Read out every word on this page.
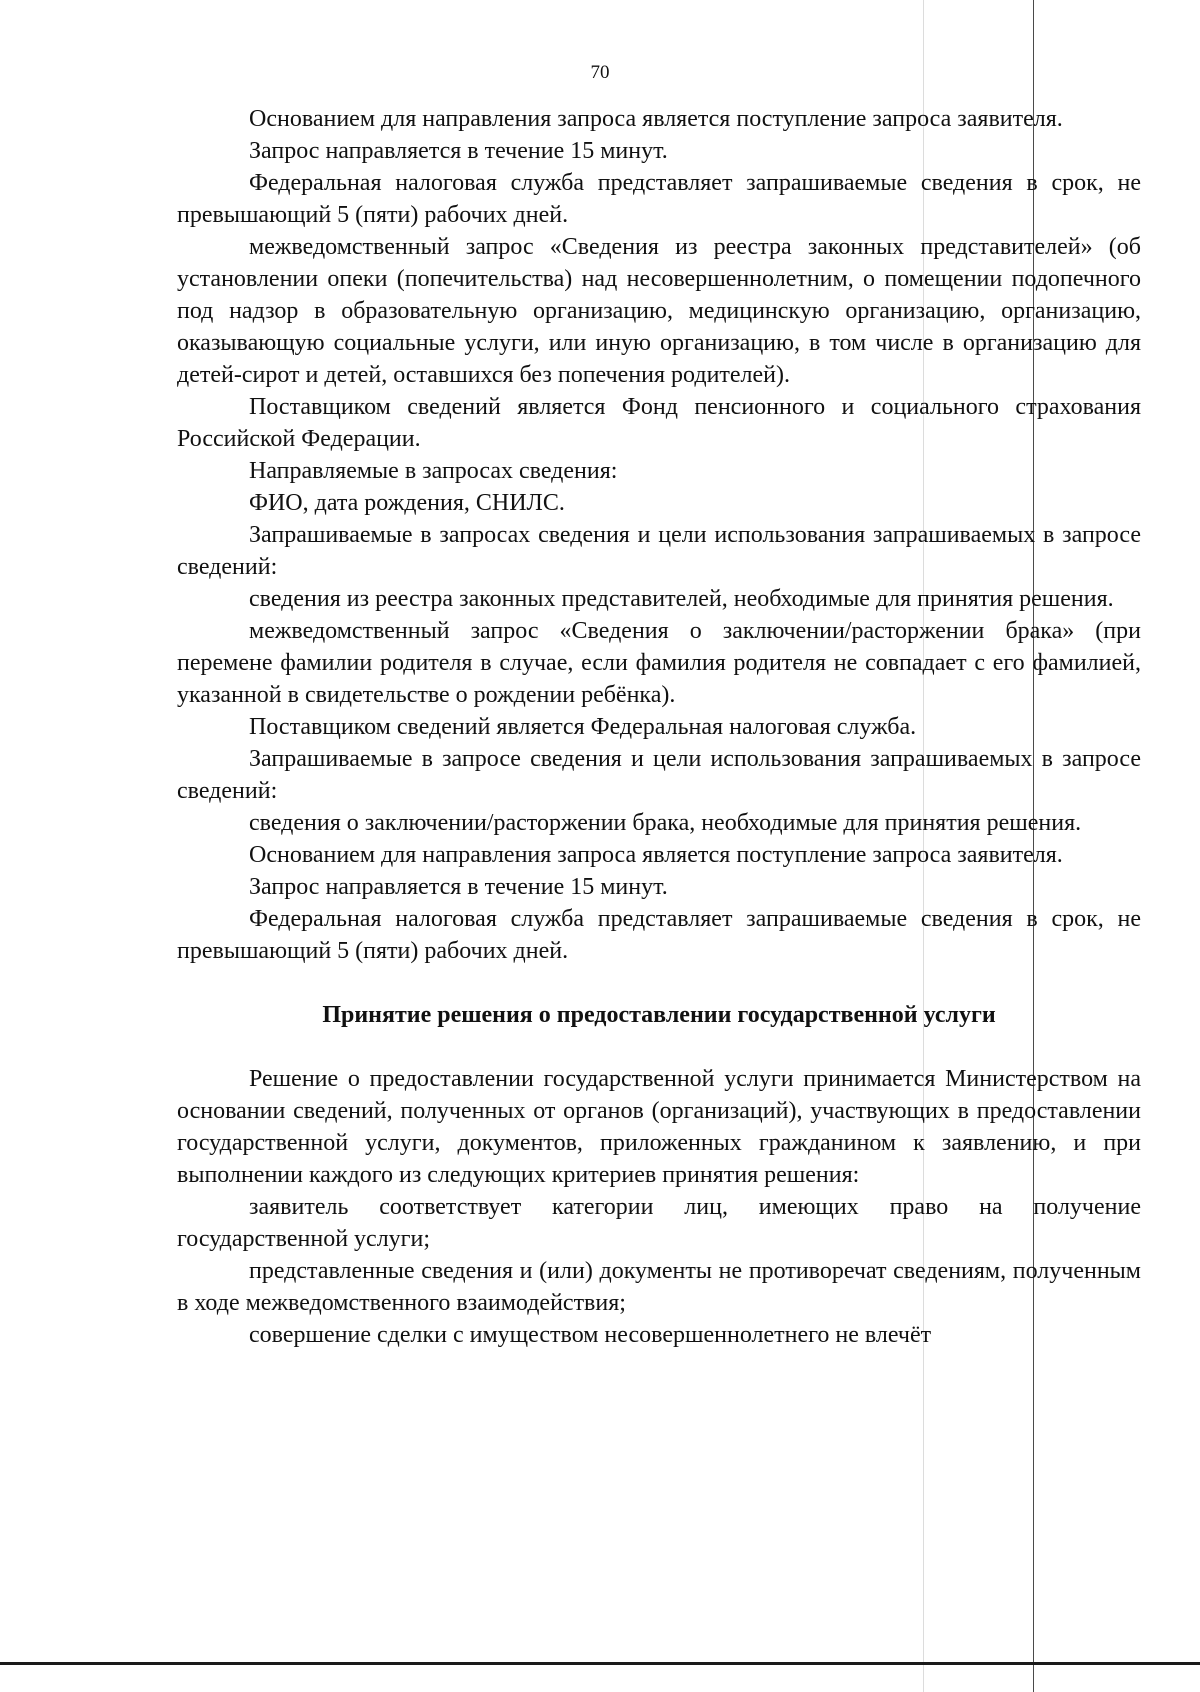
70

Основанием для направления запроса является поступление запроса заявителя.

Запрос направляется в течение 15 минут.

Федеральная налоговая служба представляет запрашиваемые сведения в срок, не превышающий 5 (пяти) рабочих дней.

межведомственный запрос «Сведения из реестра законных представителей» (об установлении опеки (попечительства) над несовершеннолетним, о помещении подопечного под надзор в образовательную организацию, медицинскую организацию, организацию, оказывающую социальные услуги, или иную организацию, в том числе в организацию для детей-сирот и детей, оставшихся без попечения родителей).

Поставщиком сведений является Фонд пенсионного и социального страхования Российской Федерации.

Направляемые в запросах сведения:

ФИО, дата рождения, СНИЛС.

Запрашиваемые в запросах сведения и цели использования запрашиваемых в запросе сведений:

сведения из реестра законных представителей, необходимые для принятия решения.

межведомственный запрос «Сведения о заключении/расторжении брака» (при перемене фамилии родителя в случае, если фамилия родителя не совпадает с его фамилией, указанной в свидетельстве о рождении ребёнка).

Поставщиком сведений является Федеральная налоговая служба.

Запрашиваемые в запросе сведения и цели использования запрашиваемых в запросе сведений:

сведения о заключении/расторжении брака, необходимые для принятия решения.

Основанием для направления запроса является поступление запроса заявителя.

Запрос направляется в течение 15 минут.

Федеральная налоговая служба представляет запрашиваемые сведения в срок, не превышающий 5 (пяти) рабочих дней.

Принятие решения о предоставлении государственной услуги

Решение о предоставлении государственной услуги принимается Министерством на основании сведений, полученных от органов (организаций), участвующих в предоставлении государственной услуги, документов, приложенных гражданином к заявлению, и при выполнении каждого из следующих критериев принятия решения:

заявитель соответствует категории лиц, имеющих право на получение государственной услуги;

представленные сведения и (или) документы не противоречат сведениям, полученным в ходе межведомственного взаимодействия;

совершение сделки с имуществом несовершеннолетнего не влечёт
